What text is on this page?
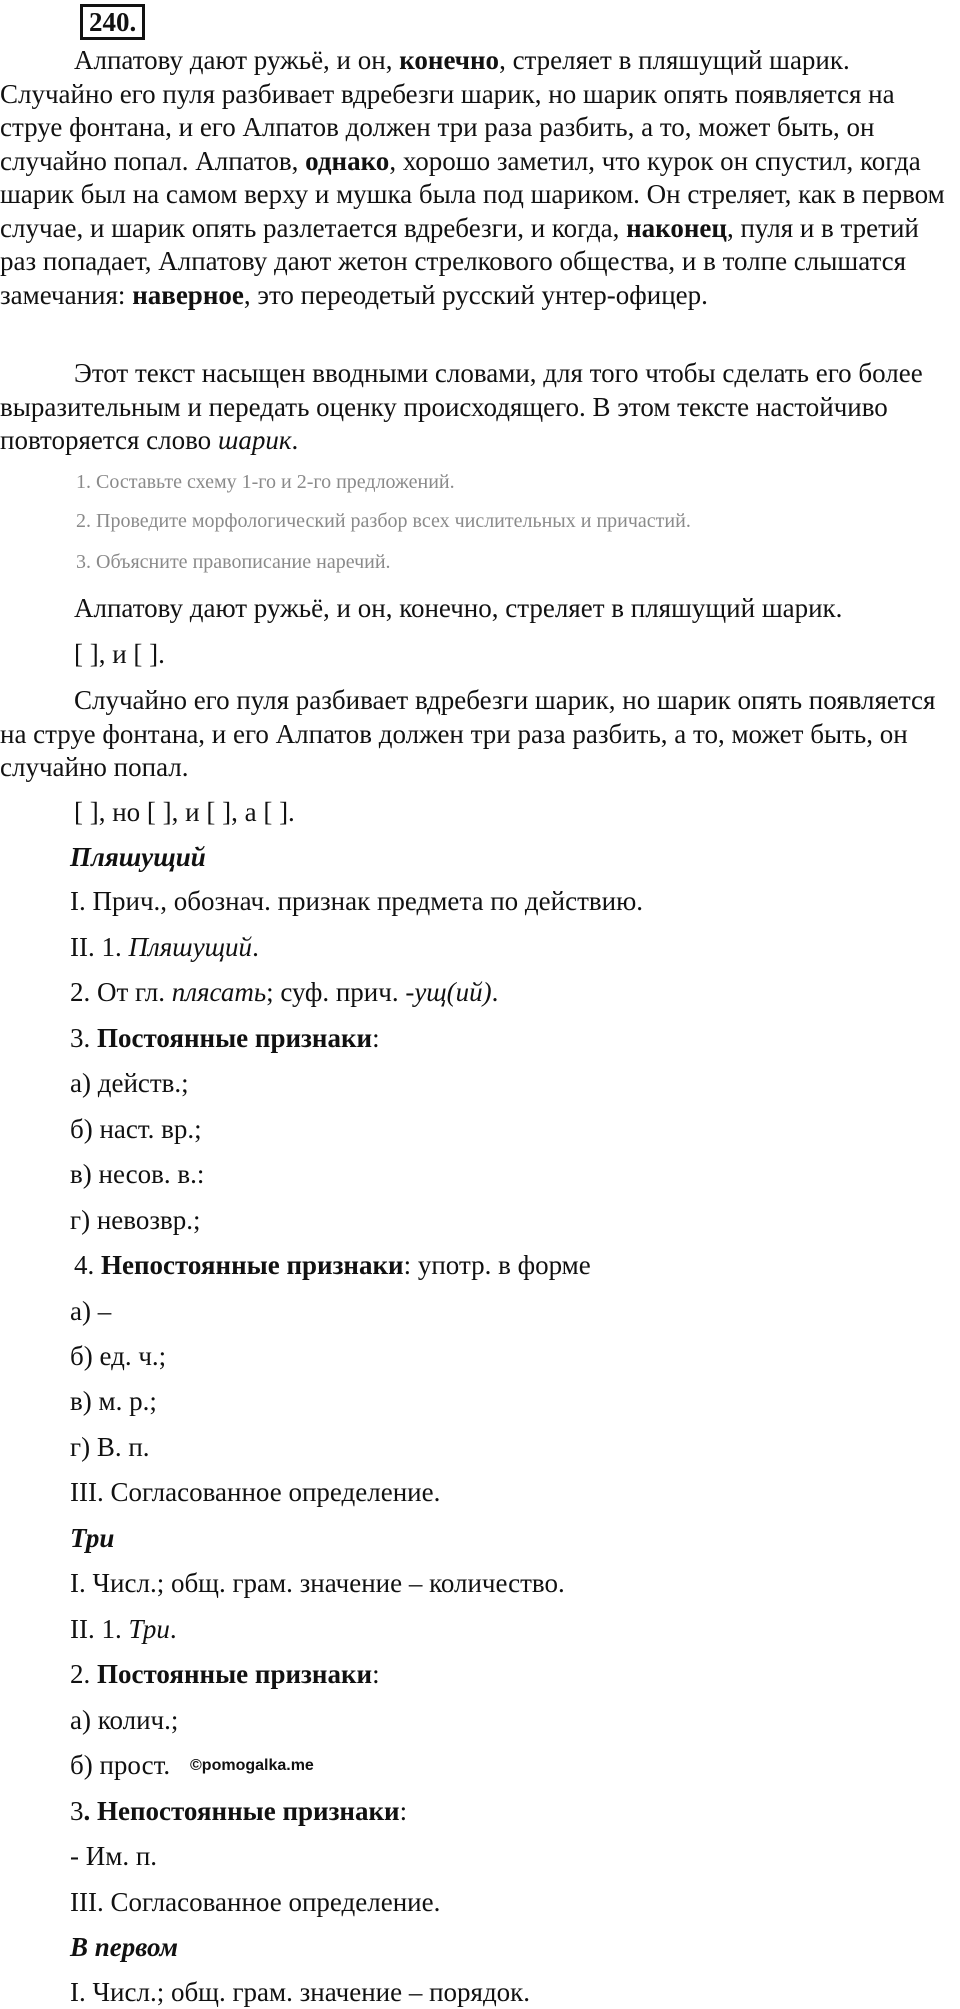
240.

Алпатову дают ружьё, и он, конечно, стреляет в пляшущий шарик. Случайно его пуля разбивает вдребезги шарик, но шарик опять появляется на струе фонтана, и его Алпатов должен три раза разбить, а то, может быть, он случайно попал. Алпатов, однако, хорошо заметил, что курок он спустил, когда шарик был на самом верху и мушка была под шариком. Он стреляет, как в первом случае, и шарик опять разлетается вдребезги, и когда, наконец, пуля и в третий раз попадает, Алпатову дают жетон стрелкового общества, и в толпе слышатся замечания: наверное, это переодетый русский унтер-офицер.

Этот текст насыщен вводными словами, для того чтобы сделать его более выразительным и передать оценку происходящего. В этом тексте настойчиво повторяется слово шарик.

1. Составьте схему 1-го и 2-го предложений.
2. Проведите морфологический разбор всех числительных и причастий.
3. Объясните правописание наречий.
Алпатову дают ружьё, и он, конечно, стреляет в пляшущий шарик.
[ ], и [ ].

Случайно его пуля разбивает вдребезги шарик, но шарик опять появляется на струе фонтана, и его Алпатов должен три раза разбить, а то, может быть, он случайно попал.

[ ], но [ ], и [ ], а [ ].
Пляшущий
I. Прич., обознач. признак предмета по действию.
II. 1. Пляшущий.
2. От гл. плясать; суф. прич. -ущ(ий).
3. Постоянные признаки:
а) действ.;
б) наст. вр.;
в) несов. в.:
г) невозвр.;
4. Непостоянные признаки: употр. в форме
а) –
б) ед. ч.;
в) м. р.;
г) В. п.
III. Согласованное определение.
Три
I. Числ.; общ. грам. значение – количество.
II. 1. Три.
2. Постоянные признаки:
а) колич.;
б) прост. ©pomogalka.me
3. Непостоянные признаки:
- Им. п.
III. Согласованное определение.
В первом
I. Числ.; общ. грам. значение – порядок.
